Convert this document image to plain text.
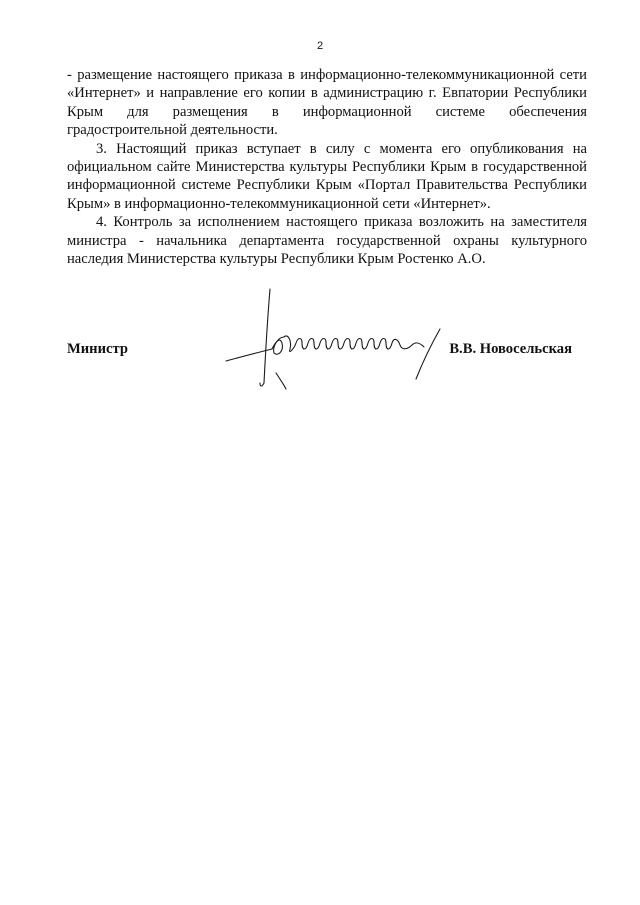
2

- размещение настоящего приказа в информационно-телекоммуникационной сети «Интернет» и направление его копии в администрацию г. Евпатории Республики Крым для размещения в информационной системе обеспечения градостроительной деятельности.

3. Настоящий приказ вступает в силу с момента его опубликования на официальном сайте Министерства культуры Республики Крым в государственной информационной системе Республики Крым «Портал Правительства Республики Крым» в информационно-телекоммуникационной сети «Интернет».

4. Контроль за исполнением настоящего приказа возложить на заместителя министра - начальника департамента государственной охраны культурного наследия Министерства культуры Республики Крым Ростенко А.О.

Министр	В.В. Новосельская
